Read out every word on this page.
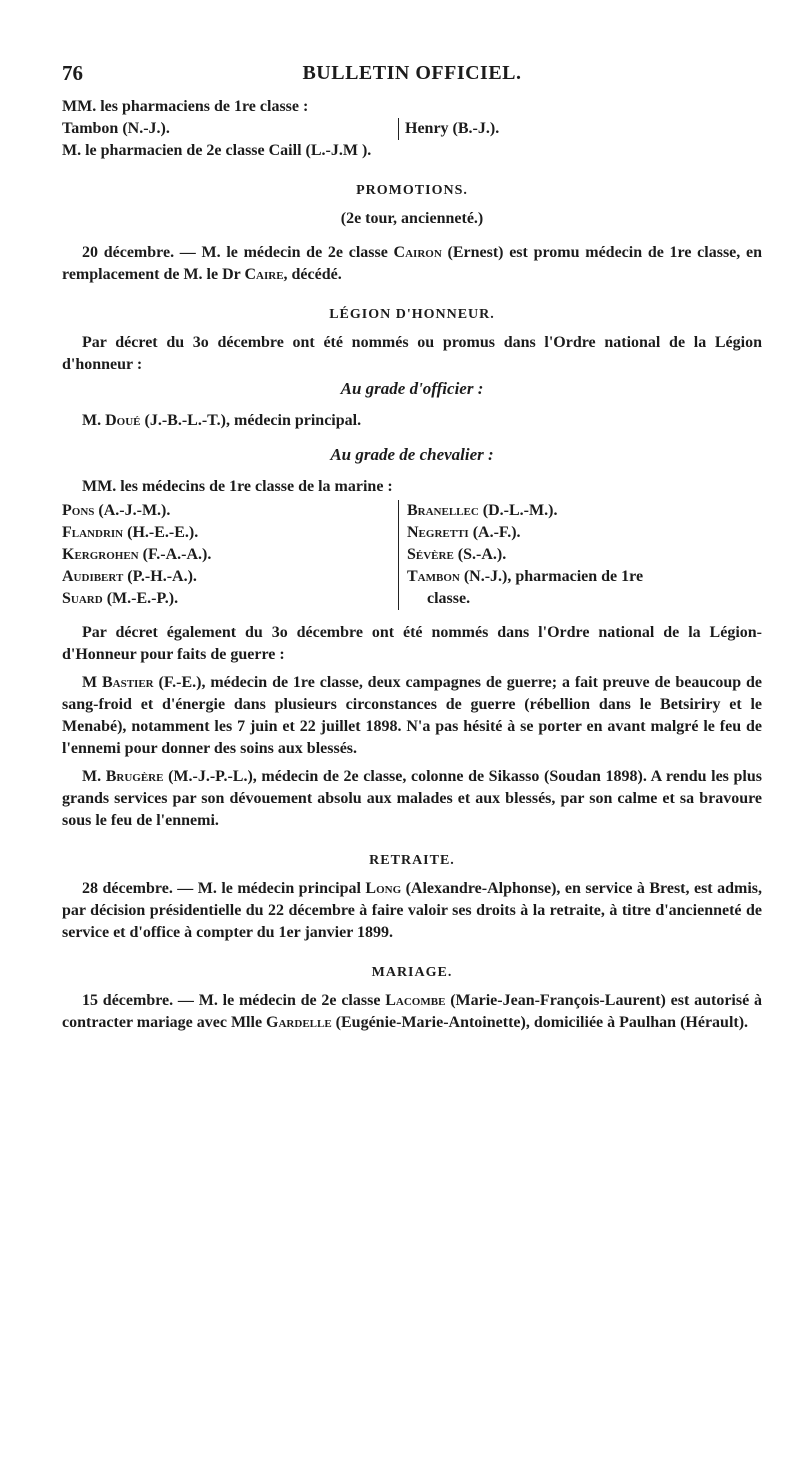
76	BULLETIN OFFICIEL.

MM. les pharmaciens de 1re classe :

Tambon (N.-J.).	Henry (B.-J.).

M. le pharmacien de 2e classe Caill (L.-J.M ).

PROMOTIONS.
(2e tour, ancienneté.)

20 décembre. — M. le médecin de 2e classe Cairon (Ernest) est promu médecin de 1re classe, en remplacement de M. le Dr Caire, décédé.

LÉGION D'HONNEUR.

Par décret du 3o décembre ont été nommés ou promus dans l'Ordre national de la Légion d'honneur :

Au grade d'officier :

M. Doué (J.-B.-L.-T.), médecin principal.

Au grade de chevalier :

MM. les médecins de 1re classe de la marine :

Pons (A.-J.-M.).
Flandrin (H.-E.-E.).
Kergrohen (F.-A.-A.).
Audibert (P.-H.-A.).
Suard (M.-E.-P.).
Branellec (D.-L.-M.).
Negretti (A.-F.).
Sévère (S.-A.).
Tambon (N.-J.), pharmacien de 1re
classe.

Par décret également du 3o décembre ont été nommés dans l'Ordre national de la Légion-d'Honneur pour faits de guerre :

M Bastier (F.-E.), médecin de 1re classe, deux campagnes de guerre; a fait preuve de beaucoup de sang-froid et d'énergie dans plusieurs circonstances de guerre (rébellion dans le Betsiriry et le Menabé), notamment les 7 juin et 22 juillet 1898. N'a pas hésité à se porter en avant malgré le feu de l'ennemi pour donner des soins aux blessés.

M. Brugère (M.-J.-P.-L.), médecin de 2e classe, colonne de Sikasso (Soudan 1898). A rendu les plus grands services par son dévouement absolu aux malades et aux blessés, par son calme et sa bravoure sous le feu de l'ennemi.

RETRAITE.

28 décembre. — M. le médecin principal Long (Alexandre-Alphonse), en service à Brest, est admis, par décision présidentielle du 22 décembre à faire valoir ses droits à la retraite, à titre d'ancienneté de service et d'office à compter du 1er janvier 1899.

MARIAGE.

15 décembre. — M. le médecin de 2e classe Lacombe (Marie-Jean-François-Laurent) est autorisé à contracter mariage avec Mlle Gardelle (Eugénie-Marie-Antoinette), domiciliée à Paulhan (Hérault).
